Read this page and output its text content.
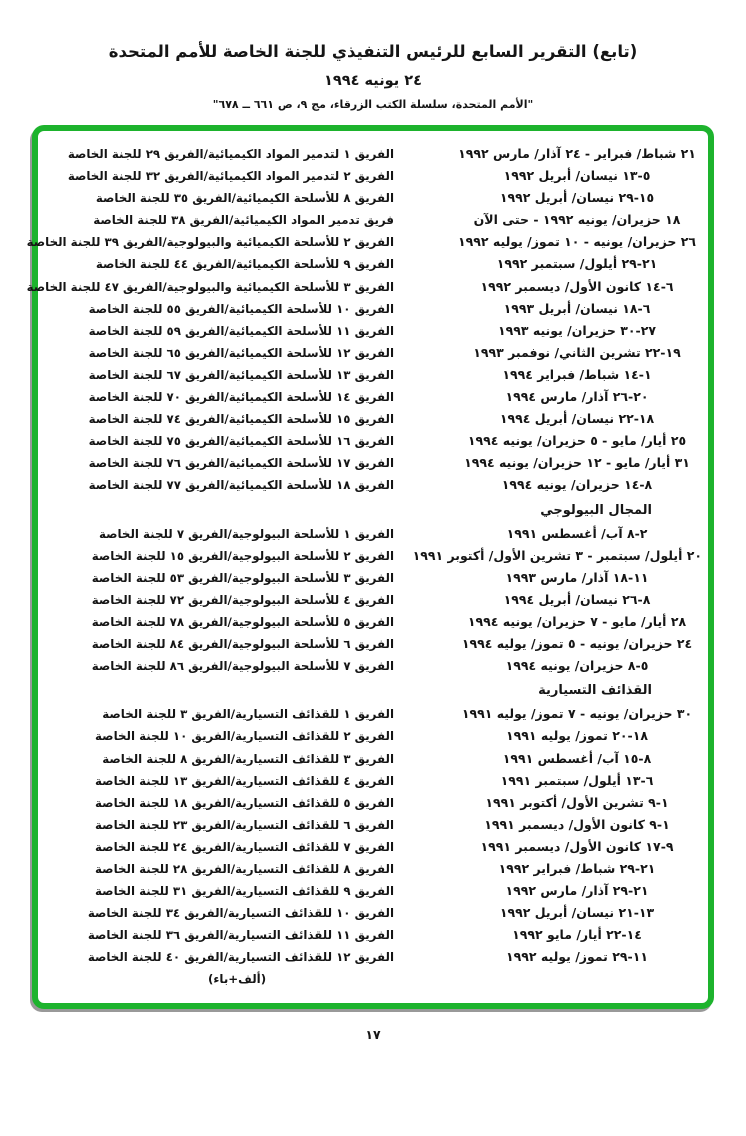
(تابع) التقرير السابع للرئيس التنفيذي للجنة الخاصة للأمم المتحدة
٢٤ يونيه ١٩٩٤
"الأمم المتحدة، سلسلة الكتب الزرقاء، مج ٩، ص ٦٦١ ــ ٦٧٨"
٢١ شباط/ فبراير - ٢٤ آذار/ مارس ١٩٩٢
الفريق ١ لتدمير المواد الكيميائية/الفريق ٢٩ للجنة الخاصة
٥-١٣ نيسان/ أبريل ١٩٩٢
الفريق ٢ لتدمير المواد الكيميائية/الفريق ٣٢ للجنة الخاصة
١٥-٢٩ نيسان/ أبريل ١٩٩٢
الفريق ٨ للأسلحة الكيميائية/الفريق ٣٥ للجنة الخاصة
١٨ حزيران/ يونيه ١٩٩٢ - حتى الآن
فريق تدمير المواد الكيميائية/الفريق ٣٨ للجنة الخاصة
٢٦ حزيران/ يونيه - ١٠ تموز/ يوليه ١٩٩٢
الفريق ٢ للأسلحة الكيميائية والبيولوجية/الفريق ٣٩ للجنة الخاصة
٢١-٢٩ أيلول/ سبتمبر ١٩٩٢
الفريق ٩ للأسلحة الكيميائية/الفريق ٤٤ للجنة الخاصة
٦-١٤ كانون الأول/ ديسمبر ١٩٩٢
الفريق ٣ للأسلحة الكيميائية والبيولوجية/الفريق ٤٧ للجنة الخاصة
٦-١٨ نيسان/ أبريل ١٩٩٣
الفريق ١٠ للأسلحة الكيميائية/الفريق ٥٥ للجنة الخاصة
٢٧-٣٠ حزيران/ يونيه ١٩٩٣
الفريق ١١ للأسلحة الكيميائية/الفريق ٥٩ للجنة الخاصة
١٩-٢٢ تشرين الثاني/ نوفمبر ١٩٩٣
الفريق ١٢ للأسلحة الكيميائية/الفريق ٦٥ للجنة الخاصة
١-١٤ شباط/ فبراير ١٩٩٤
الفريق ١٣ للأسلحة الكيميائية/الفريق ٦٧ للجنة الخاصة
٢٠-٢٦ آذار/ مارس ١٩٩٤
الفريق ١٤ للأسلحة الكيميائية/الفريق ٧٠ للجنة الخاصة
١٨-٢٢ نيسان/ أبريل ١٩٩٤
الفريق ١٥ للأسلحة الكيميائية/الفريق ٧٤ للجنة الخاصة
٢٥ أيار/ مايو - ٥ حزيران/ يونيه ١٩٩٤
الفريق ١٦ للأسلحة الكيميائية/الفريق ٧٥ للجنة الخاصة
٣١ أيار/ مايو - ١٢ حزيران/ يونيه ١٩٩٤
الفريق ١٧ للأسلحة الكيميائية/الفريق ٧٦ للجنة الخاصة
٨-١٤ حزيران/ يونيه ١٩٩٤
الفريق ١٨ للأسلحة الكيميائية/الفريق ٧٧ للجنة الخاصة
المجال البيولوجي
٢-٨ آب/ أغسطس ١٩٩١
الفريق ١ للأسلحة البيولوجية/الفريق ٧ للجنة الخاصة
٢٠ أيلول/ سبتمبر - ٣ تشرين الأول/ أكتوبر ١٩٩١
الفريق ٢ للأسلحة البيولوجية/الفريق ١٥ للجنة الخاصة
١١-١٨ آذار/ مارس ١٩٩٣
الفريق ٣ للأسلحة البيولوجية/الفريق ٥٣ للجنة الخاصة
٨-٢٦ نيسان/ أبريل ١٩٩٤
الفريق ٤ للأسلحة البيولوجية/الفريق ٧٢ للجنة الخاصة
٢٨ أيار/ مايو - ٧ حزيران/ يونيه ١٩٩٤
الفريق ٥ للأسلحة البيولوجية/الفريق ٧٨ للجنة الخاصة
٢٤ حزيران/ يونيه - ٥ تموز/ يوليه ١٩٩٤
الفريق ٦ للأسلحة البيولوجية/الفريق ٨٤ للجنة الخاصة
٥-٨ حزيران/ يونيه ١٩٩٤
الفريق ٧ للأسلحة البيولوجية/الفريق ٨٦ للجنة الخاصة
القذائف التسيارية
٣٠ حزيران/ يونيه - ٧ تموز/ يوليه ١٩٩١
الفريق ١ للقذائف التسيارية/الفريق ٣ للجنة الخاصة
١٨-٢٠ تموز/ يوليه ١٩٩١
الفريق ٢ للقذائف التسيارية/الفريق ١٠ للجنة الخاصة
٨-١٥ آب/ أغسطس ١٩٩١
الفريق ٣ للقذائف التسيارية/الفريق ٨ للجنة الخاصة
٦-١٣ أيلول/ سبتمبر ١٩٩١
الفريق ٤ للقذائف التسيارية/الفريق ١٣ للجنة الخاصة
١-٩ تشرين الأول/ أكتوبر ١٩٩١
الفريق ٥ للقذائف التسيارية/الفريق ١٨ للجنة الخاصة
١-٩ كانون الأول/ ديسمبر ١٩٩١
الفريق ٦ للقذائف التسيارية/الفريق ٢٣ للجنة الخاصة
٩-١٧ كانون الأول/ ديسمبر ١٩٩١
الفريق ٧ للقذائف التسيارية/الفريق ٢٤ للجنة الخاصة
٢١-٢٩ شباط/ فبراير ١٩٩٢
الفريق ٨ للقذائف التسيارية/الفريق ٢٨ للجنة الخاصة
٢١-٢٩ آذار/ مارس ١٩٩٢
الفريق ٩ للقذائف التسيارية/الفريق ٣١ للجنة الخاصة
١٣-٢١ نيسان/ أبريل ١٩٩٢
الفريق ١٠ للقذائف التسيارية/الفريق ٣٤ للجنة الخاصة
١٤-٢٢ أيار/ مايو ١٩٩٢
الفريق ١١ للقذائف التسيارية/الفريق ٣٦ للجنة الخاصة
١١-٢٩ تموز/ يوليه ١٩٩٢
الفريق ١٢ للقذائف التسيارية/الفريق ٤٠ للجنة الخاصة
(ألف+باء)
١٧
